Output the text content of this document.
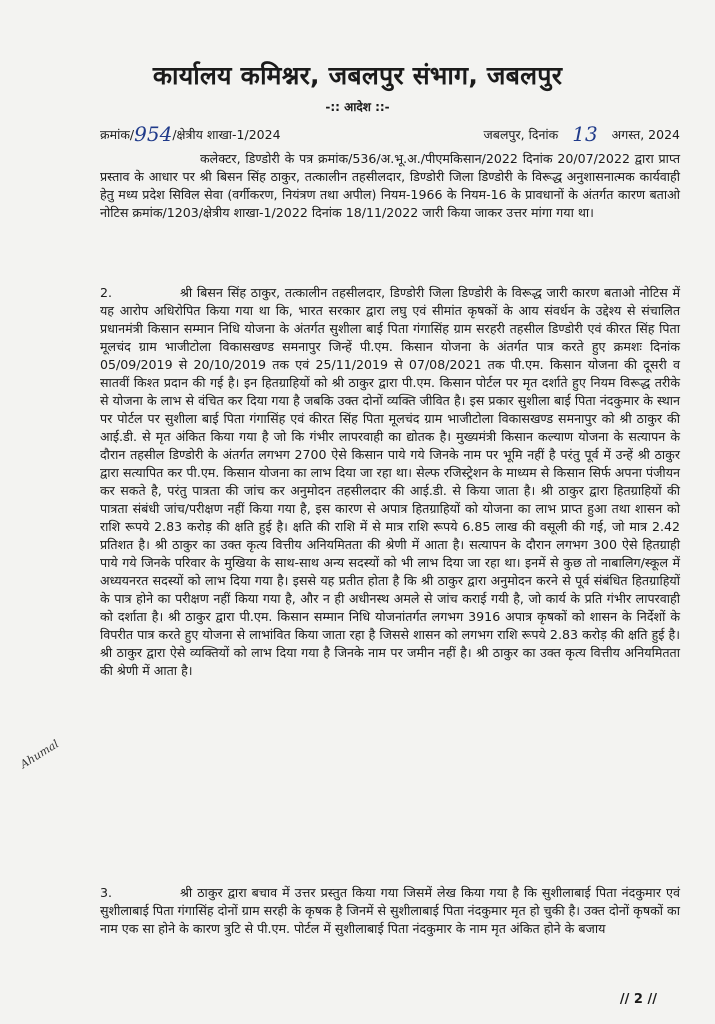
कार्यालय कमिश्नर, जबलपुर संभाग, जबलपुर
-:: आदेश ::-
क्रमांक/954/क्षेत्रीय शाखा-1/2024	जबलपुर, दिनांक 13 अगस्त, 2024
कलेक्टर, डिण्डोरी के पत्र क्रमांक/536/अ.भू.अ./पीएमकिसान/2022 दिनांक 20/07/2022 द्वारा प्राप्त प्रस्ताव के आधार पर श्री बिसन सिंह ठाकुर, तत्कालीन तहसीलदार, डिण्डोरी जिला डिण्डोरी के विरूद्ध अनुशासनात्मक कार्यवाही हेतु मध्य प्रदेश सिविल सेवा (वर्गीकरण, नियंत्रण तथा अपील) नियम-1966 के नियम-16 के प्रावधानों के अंतर्गत कारण बताओ नोटिस क्रमांक/1203/क्षेत्रीय शाखा-1/2022 दिनांक 18/11/2022 जारी किया जाकर उत्तर मांगा गया था।
2.	श्री बिसन सिंह ठाकुर, तत्कालीन तहसीलदार, डिण्डोरी जिला डिण्डोरी के विरूद्ध जारी कारण बताओ नोटिस में यह आरोप अधिरोपित किया गया था कि, भारत सरकार द्वारा लघु एवं सीमांत कृषकों के आय संवर्धन के उद्देश्य से संचालित प्रधानमंत्री किसान सम्मान निधि योजना के अंतर्गत सुशीला बाई पिता गंगासिंह ग्राम सरहरी तहसील डिण्डोरी एवं कीरत सिंह पिता मूलचंद ग्राम भाजीटोला विकासखण्ड समनापुर जिन्हें पी.एम. किसान योजना के अंतर्गत पात्र करते हुए क्रमशः दिनांक 05/09/2019 से 20/10/2019 तक एवं 25/11/2019 से 07/08/2021 तक पी.एम. किसान योजना की दूसरी व सातवीं किश्त प्रदान की गई है। इन हितग्राहियों को श्री ठाकुर द्वारा पी.एम. किसान पोर्टल पर मृत दर्शाते हुए नियम विरूद्ध तरीके से योजना के लाभ से वंचित कर दिया गया है जबकि उक्त दोनों व्यक्ति जीवित है। इस प्रकार सुशीला बाई पिता नंदकुमार के स्थान पर पोर्टल पर सुशीला बाई पिता गंगासिंह एवं कीरत सिंह पिता मूलचंद ग्राम भाजीटोला विकासखण्ड समनापुर को श्री ठाकुर की आई.डी. से मृत अंकित किया गया है जो कि गंभीर लापरवाही का द्योतक है। मुख्यमंत्री किसान कल्याण योजना के सत्यापन के दौरान तहसील डिण्डोरी के अंतर्गत लगभग 2700 ऐसे किसान पाये गये जिनके नाम पर भूमि नहीं है परंतु पूर्व में उन्हें श्री ठाकुर द्वारा सत्यापित कर पी.एम. किसान योजना का लाभ दिया जा रहा था। सेल्फ रजिस्ट्रेशन के माध्यम से किसान सिर्फ अपना पंजीयन कर सकते है, परंतु पात्रता की जांच कर अनुमोदन तहसीलदार की आई.डी. से किया जाता है। श्री ठाकुर द्वारा हितग्राहियों की पात्रता संबंधी जांच/परीक्षण नहीं किया गया है, इस कारण से अपात्र हितग्राहियों को योजना का लाभ प्राप्त हुआ तथा शासन को राशि रूपये 2.83 करोड़ की क्षति हुई है। क्षति की राशि में से मात्र राशि रूपये 6.85 लाख की वसूली की गई, जो मात्र 2.42 प्रतिशत है। श्री ठाकुर का उक्त कृत्य वित्तीय अनियमितता की श्रेणी में आता है। सत्यापन के दौरान लगभग 300 ऐसे हितग्राही पाये गये जिनके परिवार के मुखिया के साथ-साथ अन्य सदस्यों को भी लाभ दिया जा रहा था। इनमें से कुछ तो नाबालिग/स्कूल में अध्ययनरत सदस्यों को लाभ दिया गया है। इससे यह प्रतीत होता है कि श्री ठाकुर द्वारा अनुमोदन करने से पूर्व संबंधित हितग्राहियों के पात्र होने का परीक्षण नहीं किया गया है, और न ही अधीनस्थ अमले से जांच कराई गयी है, जो कार्य के प्रति गंभीर लापरवाही को दर्शाता है। श्री ठाकुर द्वारा पी.एम. किसान सम्मान निधि योजनांतर्गत लगभग 3916 अपात्र कृषकों को शासन के निर्देशों के विपरीत पात्र करते हुए योजना से लाभांवित किया जाता रहा है जिससे शासन को लगभग राशि रूपये 2.83 करोड़ की क्षति हुई है। श्री ठाकुर द्वारा ऐसे व्यक्तियों को लाभ दिया गया है जिनके नाम पर जमीन नहीं है। श्री ठाकुर का उक्त कृत्य वित्तीय अनियमितता की श्रेणी में आता है।
3.	श्री ठाकुर द्वारा बचाव में उत्तर प्रस्तुत किया गया जिसमें लेख किया गया है कि सुशीलाबाई पिता नंदकुमार एवं सुशीलाबाई पिता गंगासिंह दोनों ग्राम सरही के कृषक है जिनमें से सुशीलाबाई पिता नंदकुमार मृत हो चुकी है। उक्त दोनों कृषकों का नाम एक सा होने के कारण त्रुटि से पी.एम. पोर्टल में सुशीलाबाई पिता नंदकुमार के नाम मृत अंकित होने के बजाय
Ahumal
// 2 //
